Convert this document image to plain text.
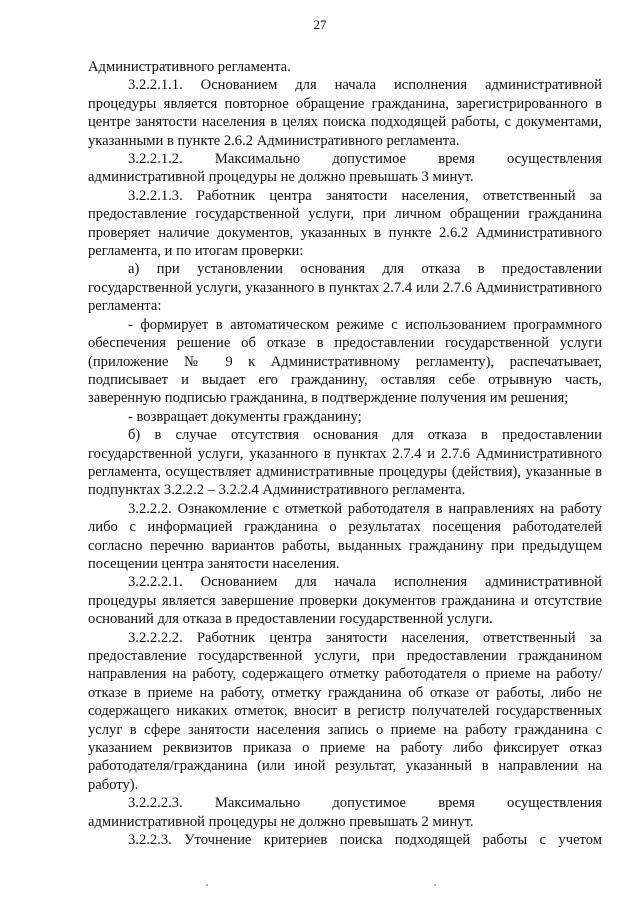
27

Административного регламента.

3.2.2.1.1. Основанием для начала исполнения административной процедуры является повторное обращение гражданина, зарегистрированного в центре занятости населения в целях поиска подходящей работы, с документами, указанными в пункте 2.6.2 Административного регламента.

3.2.2.1.2. Максимально допустимое время осуществления административной процедуры не должно превышать 3 минут.

3.2.2.1.3. Работник центра занятости населения, ответственный за предоставление государственной услуги, при личном обращении гражданина проверяет наличие документов, указанных в пункте 2.6.2 Административного регламента, и по итогам проверки:

а) при установлении основания для отказа в предоставлении государственной услуги, указанного в пунктах 2.7.4 или 2.7.6 Административного регламента:

- формирует в автоматическом режиме с использованием программного обеспечения решение об отказе в предоставлении государственной услуги (приложение № 9 к Административному регламенту), распечатывает, подписывает и выдает его гражданину, оставляя себе отрывную часть, заверенную подписью гражданина, в подтверждение получения им решения;

- возвращает документы гражданину;

б) в случае отсутствия основания для отказа в предоставлении государственной услуги, указанного в пунктах 2.7.4 и 2.7.6 Административного регламента, осуществляет административные процедуры (действия), указанные в подпунктах 3.2.2.2 – 3.2.2.4 Административного регламента.

3.2.2.2. Ознакомление с отметкой работодателя в направлениях на работу либо с информацией гражданина о результатах посещения работодателей согласно перечню вариантов работы, выданных гражданину при предыдущем посещении центра занятости населения.

3.2.2.2.1. Основанием для начала исполнения административной процедуры является завершение проверки документов гражданина и отсутствие оснований для отказа в предоставлении государственной услуги.

3.2.2.2.2. Работник центра занятости населения, ответственный за предоставление государственной услуги, при предоставлении гражданином направления на работу, содержащего отметку работодателя о приеме на работу/отказе в приеме на работу, отметку гражданина об отказе от работы, либо не содержащего никаких отметок, вносит в регистр получателей государственных услуг в сфере занятости населения запись о приеме на работу гражданина с указанием реквизитов приказа о приеме на работу либо фиксирует отказ работодателя/гражданина (или иной результат, указанный в направлении на работу).

3.2.2.2.3. Максимально допустимое время осуществления административной процедуры не должно превышать 2 минут.

3.2.2.3. Уточнение критериев поиска подходящей работы с учетом
